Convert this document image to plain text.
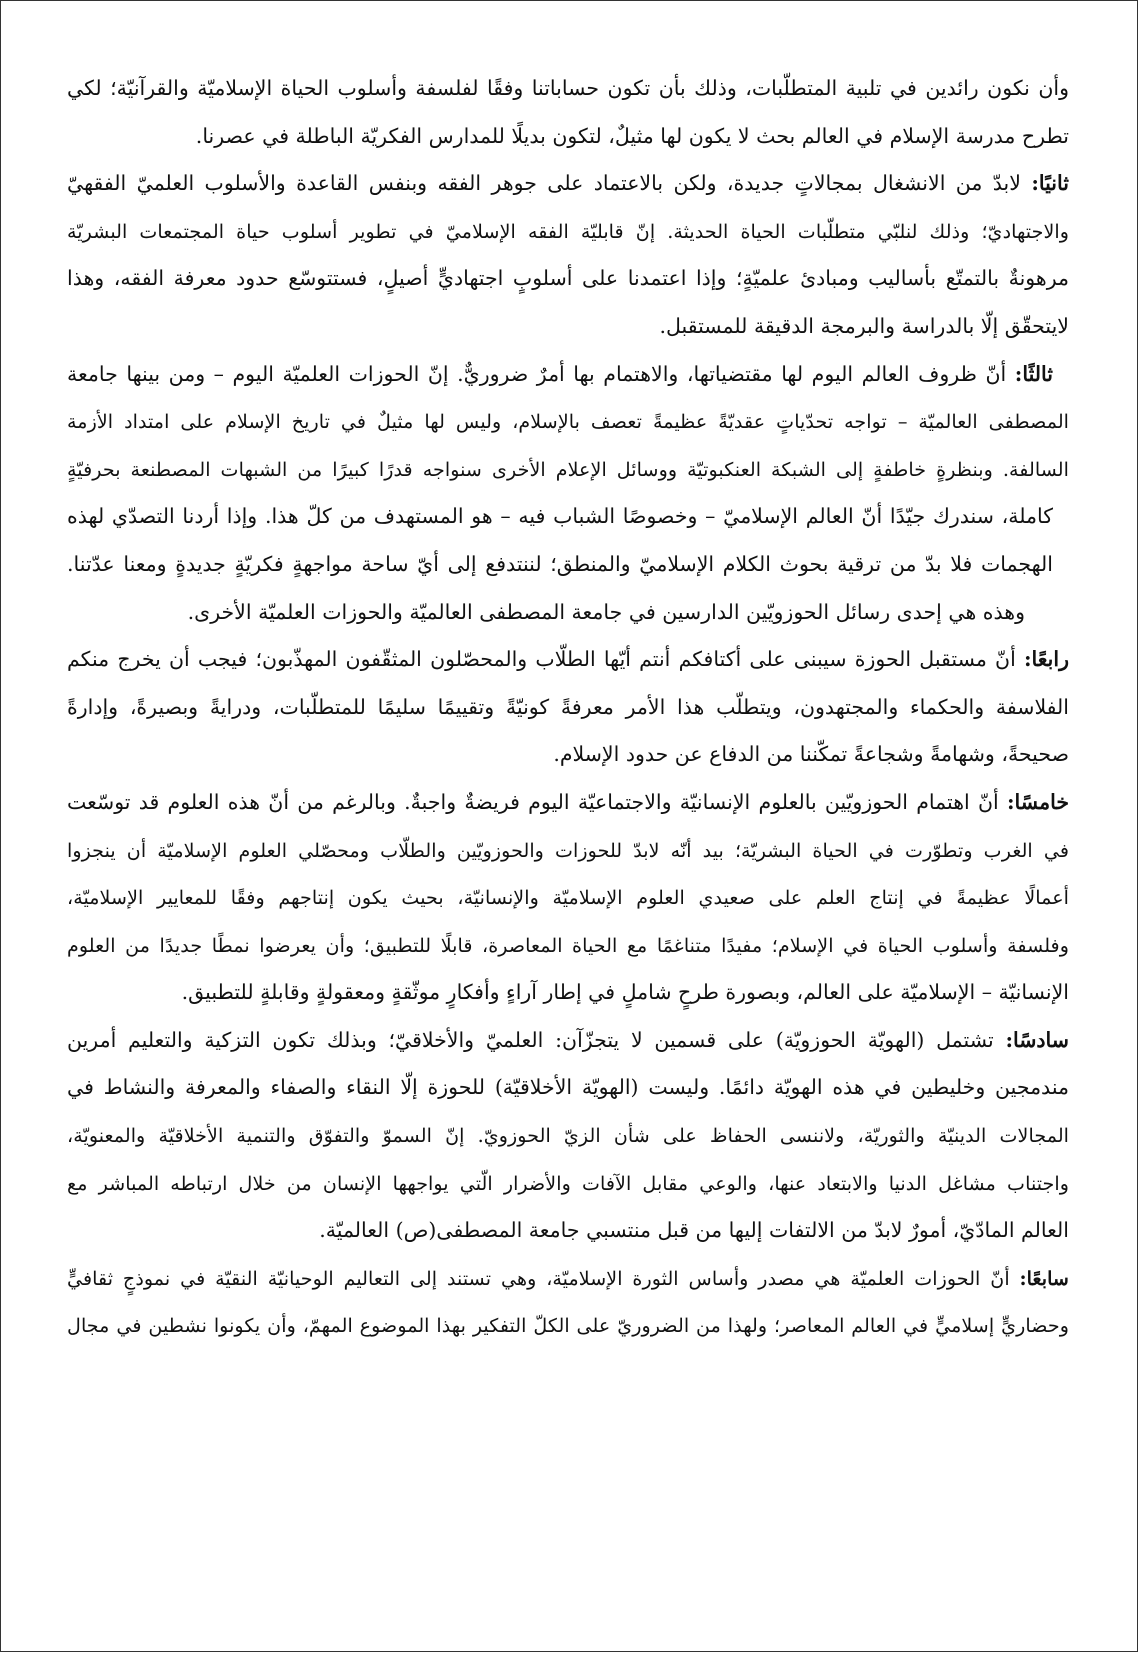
وأن نكون رائدين في تلبية المتطلّبات، وذلك بأن تكون حساباتنا وفقًا لفلسفة وأسلوب الحياة الإسلاميّة والقرآنيّة؛ لكي
تطرح مدرسة الإسلام في العالم بحث لا يكون لها مثيلٌ، لتكون بديلًا للمدارس الفكريّة الباطلة في عصرنا.
ثانيًا: لابدّ من الانشغال بمجالاتٍ جديدة، ولكن بالاعتماد على جوهر الفقه وبنفس القاعدة والأسلوب العلميّ الفقهيّ
والاجتهاديّ؛ وذلك لنلبّي متطلّبات الحياة الحديثة. إنّ قابليّة الفقه الإسلاميّ في تطوير أسلوب حياة المجتمعات البشريّة
مرهونةٌ بالتمتّع بأساليب ومبادئ علميّةٍ؛ وإذا اعتمدنا على أسلوبٍ اجتهاديٍّ أصيلٍ، فستتوسّع حدود معرفة الفقه، وهذا
لايتحقّق إلّا بالدراسة والبرمجة الدقيقة للمستقبل.
ثالثًا: أنّ ظروف العالم اليوم لها مقتضياتها، والاهتمام بها أمرٌ ضروريٌّ. إنّ الحوزات العلميّة اليوم – ومن بينها جامعة
المصطفى العالميّة – تواجه تحدّياتٍ عقديّةً عظيمةً تعصف بالإسلام، وليس لها مثيلٌ في تاريخ الإسلام على امتداد الأزمة
السالفة. وبنظرةٍ خاطفةٍ إلى الشبكة العنكبوتيّة ووسائل الإعلام الأخرى سنواجه قدرًا كبيرًا من الشبهات المصطنعة بحرفيّةٍ
كاملة، سندرك جيّدًا أنّ العالم الإسلاميّ – وخصوصًا الشباب فيه – هو المستهدف من كلّ هذا. وإذا أردنا التصدّي لهذه
الهجمات فلا بدّ من ترقية بحوث الكلام الإسلاميّ والمنطق؛ لننتدفع إلى أيّ ساحة مواجهةٍ فكريّةٍ جديدةٍ ومعنا عدّتنا.
وهذه هي إحدى رسائل الحوزويّين الدارسين في جامعة المصطفى العالميّة والحوزات العلميّة الأخرى.
رابعًا: أنّ مستقبل الحوزة سيبنى على أكتافكم أنتم أيّها الطلّاب والمحصّلون المثقّفون المهذّبون؛ فيجب أن يخرج منكم
الفلاسفة والحكماء والمجتهدون، ويتطلّب هذا الأمر معرفةً كونيّةً وتقييمًا سليمًا للمتطلّبات، ودرايةً وبصيرةً، وإدارةً
صحيحةً، وشهامةً وشجاعةً تمكّننا من الدفاع عن حدود الإسلام.
خامسًا: أنّ اهتمام الحوزويّين بالعلوم الإنسانيّة والاجتماعيّة اليوم فريضةٌ واجبةٌ. وبالرغم من أنّ هذه العلوم قد توسّعت
في الغرب وتطوّرت في الحياة البشريّة؛ بيد أنّه لابدّ للحوزات والحوزويّين والطلّاب ومحصّلي العلوم الإسلاميّة أن ينجزوا
أعمالًا عظيمةً في إنتاج العلم على صعيدي العلوم الإسلاميّة والإنسانيّة، بحيث يكون إنتاجهم وفقًا للمعايير الإسلاميّة،
وفلسفة وأسلوب الحياة في الإسلام؛ مفيدًا متناغمًا مع الحياة المعاصرة، قابلًا للتطبيق؛ وأن يعرضوا نمطًا جديدًا من العلوم
الإنسانيّة – الإسلاميّة على العالم، وبصورة طرحٍ شاملٍ في إطار آراءٍ وأفكارٍ موثّقةٍ ومعقولةٍ وقابلةٍ للتطبيق.
سادسًا: تشتمل (الهويّة الحوزويّة) على قسمين لا يتجزّآن: العلميّ والأخلاقيّ؛ وبذلك تكون التزكية والتعليم أمرين
مندمجين وخليطين في هذه الهويّة دائمًا. وليست (الهويّة الأخلاقيّة) للحوزة إلّا النقاء والصفاء والمعرفة والنشاط في
المجالات الدينيّة والثوريّة، ولاننسى الحفاظ على شأن الزيّ الحوزويّ. إنّ السموّ والتفوّق والتنمية الأخلاقيّة والمعنويّة،
واجتناب مشاغل الدنيا والابتعاد عنها، والوعي مقابل الآفات والأضرار الّتي يواجهها الإنسان من خلال ارتباطه المباشر مع
العالم المادّيّ، أمورٌ لابدّ من الالتفات إليها من قبل منتسبي جامعة المصطفى(ص) العالميّة.
سابعًا: أنّ الحوزات العلميّة هي مصدر وأساس الثورة الإسلاميّة، وهي تستند إلى التعاليم الوحيانيّة النقيّة في نموذجٍ ثقافيٍّ
وحضاريٍّ إسلاميٍّ في العالم المعاصر؛ ولهذا من الضروريّ على الكلّ التفكير بهذا الموضوع المهمّ، وأن يكونوا نشطين في مجال
